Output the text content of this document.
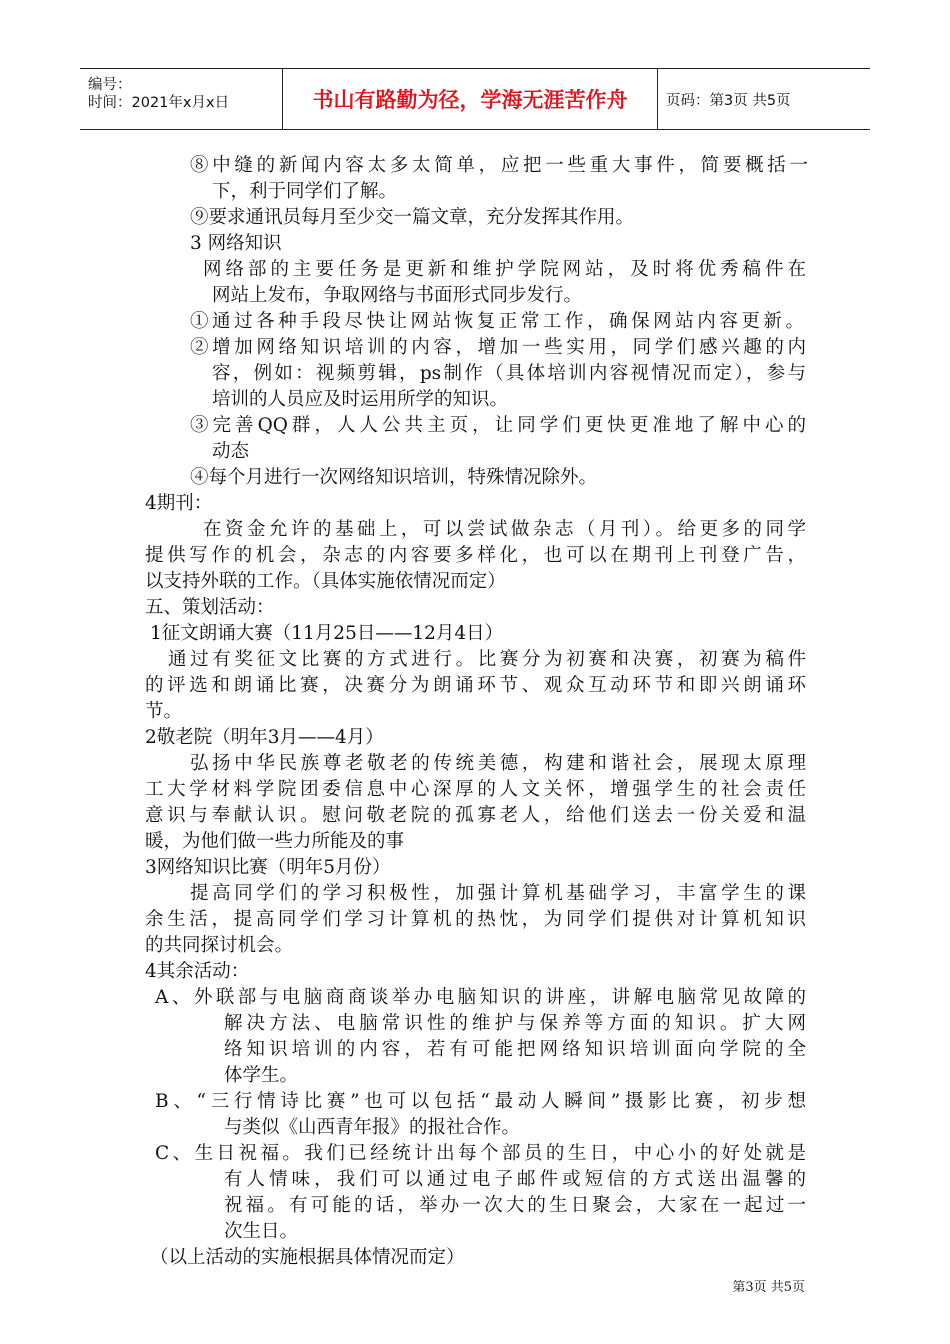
编号：
时间：2021年x月x日	书山有路勤为径，学海无涯苦作舟	页码：第3页 共5页
⑧中缝的新闻内容太多太简单，应把一些重大事件，简要概括一
下，利于同学们了解。
⑨要求通讯员每月至少交一篇文章，充分发挥其作用。
3 网络知识
网络部的主要任务是更新和维护学院网站，及时将优秀稿件在
网站上发布，争取网络与书面形式同步发行。
①通过各种手段尽快让网站恢复正常工作，确保网站内容更新。
②增加网络知识培训的内容，增加一些实用，同学们感兴趣的内
容，例如：视频剪辑，ps制作（具体培训内容视情况而定），参与
培训的人员应及时运用所学的知识。
③完善QQ群，人人公共主页，让同学们更快更准地了解中心的
动态
④每个月进行一次网络知识培训，特殊情况除外。
4期刊：
在资金允许的基础上，可以尝试做杂志（月刊）。给更多的同学
提供写作的机会，杂志的内容要多样化，也可以在期刊上刊登广告，
以支持外联的工作。（具体实施依情况而定）
五、策划活动：
1征文朗诵大赛（11月25日——12月4日）
通过有奖征文比赛的方式进行。比赛分为初赛和决赛，初赛为稿件
的评选和朗诵比赛，决赛分为朗诵环节、观众互动环节和即兴朗诵环
节。
2敬老院（明年3月——4月）
弘扬中华民族尊老敬老的传统美德，构建和谐社会，展现太原理
工大学材料学院团委信息中心深厚的人文关怀，增强学生的社会责任
意识与奉献认识。慰问敬老院的孤寡老人，给他们送去一份关爱和温
暖，为他们做一些力所能及的事
3网络知识比赛（明年5月份）
提高同学们的学习积极性，加强计算机基础学习，丰富学生的课
余生活，提高同学们学习计算机的热忱，为同学们提供对计算机知识
的共同探讨机会。
4其余活动：
A、外联部与电脑商商谈举办电脑知识的讲座，讲解电脑常见故障的
解决方法、电脑常识性的维护与保养等方面的知识。扩大网
络知识培训的内容，若有可能把网络知识培训面向学院的全
体学生。
B、“三行情诗比赛”也可以包括“最动人瞬间”摄影比赛，初步想
与类似《山西青年报》的报社合作。
C、生日祝福。我们已经统计出每个部员的生日，中心小的好处就是
有人情味，我们可以通过电子邮件或短信的方式送出温馨的
祝福。有可能的话，举办一次大的生日聚会，大家在一起过一
次生日。
（以上活动的实施根据具体情况而定）
第3页 共5页
